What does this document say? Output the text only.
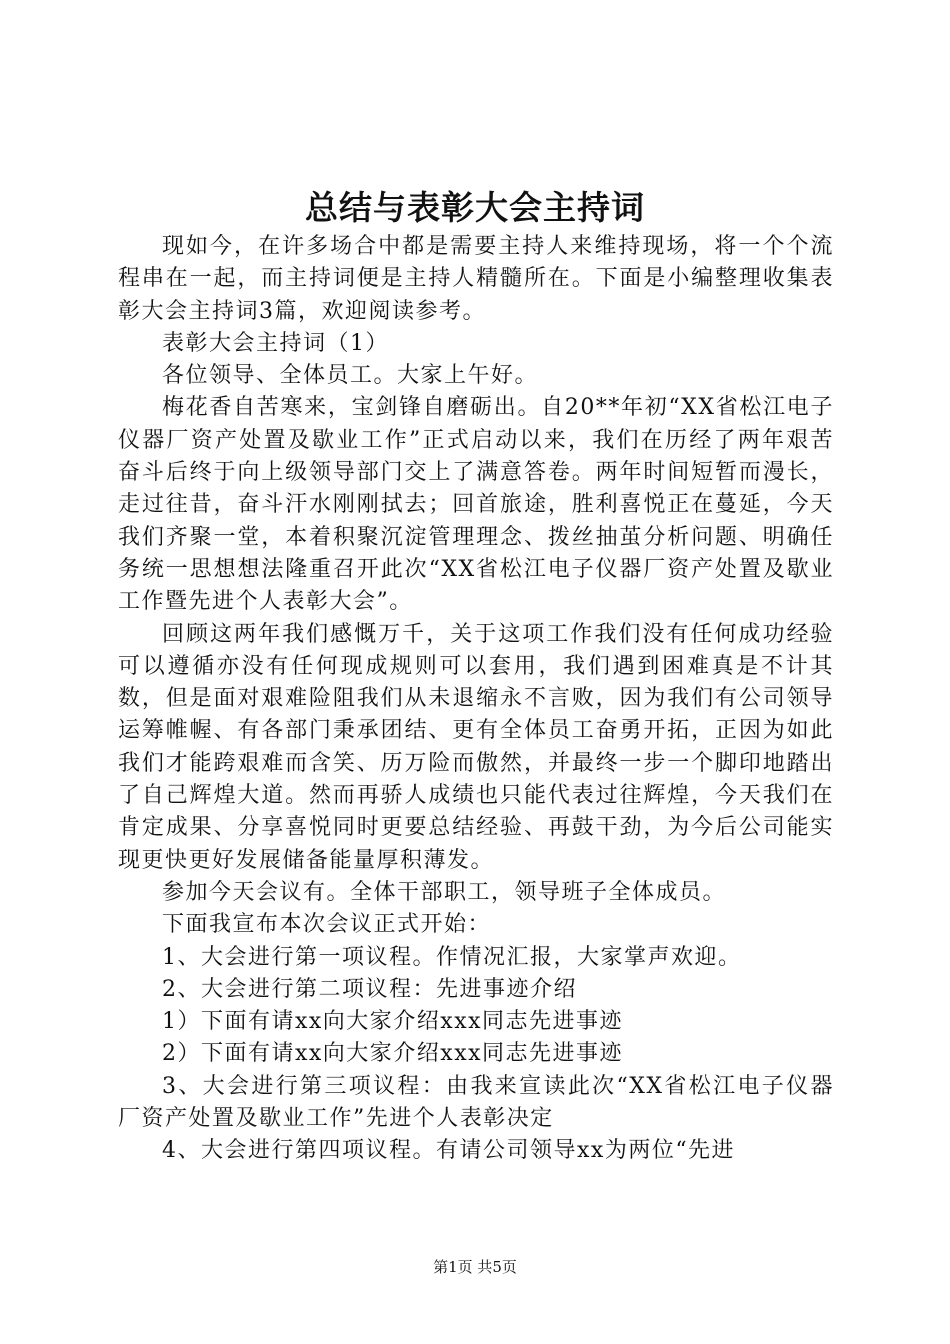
总结与表彰大会主持词

现如今，在许多场合中都是需要主持人来维持现场，将一个个流程串在一起，而主持词便是主持人精髓所在。下面是小编整理收集表彰大会主持词3篇，欢迎阅读参考。

表彰大会主持词（1）

各位领导、全体员工。大家上午好。

梅花香自苦寒来，宝剑锋自磨砺出。自20**年初“XX省松江电子仪器厂资产处置及歇业工作”正式启动以来，我们在历经了两年艰苦奋斗后终于向上级领导部门交上了满意答卷。两年时间短暂而漫长，走过往昔，奋斗汗水刚刚拭去；回首旅途，胜利喜悦正在蔓延，今天我们齐聚一堂，本着积聚沉淀管理理念、拨丝抽茧分析问题、明确任务统一思想想法隆重召开此次“XX省松江电子仪器厂资产处置及歇业工作暨先进个人表彰大会”。

回顾这两年我们感慨万千，关于这项工作我们没有任何成功经验可以遵循亦没有任何现成规则可以套用，我们遇到困难真是不计其数，但是面对艰难险阻我们从未退缩永不言败，因为我们有公司领导运筹帷幄、有各部门秉承团结、更有全体员工奋勇开拓，正因为如此我们才能跨艰难而含笑、历万险而傲然，并最终一步一个脚印地踏出了自己辉煌大道。然而再骄人成绩也只能代表过往辉煌，今天我们在肯定成果、分享喜悦同时更要总结经验、再鼓干劲，为今后公司能实现更快更好发展储备能量厚积薄发。

参加今天会议有。全体干部职工，领导班子全体成员。

下面我宣布本次会议正式开始：

1、大会进行第一项议程。作情况汇报，大家掌声欢迎。

2、大会进行第二项议程：先进事迹介绍

1）下面有请xx向大家介绍xxx同志先进事迹

2）下面有请xx向大家介绍xxx同志先进事迹

3、大会进行第三项议程：由我来宣读此次“XX省松江电子仪器厂资产处置及歇业工作”先进个人表彰决定

4、大会进行第四项议程。有请公司领导xx为两位“先进

第1页 共5页
